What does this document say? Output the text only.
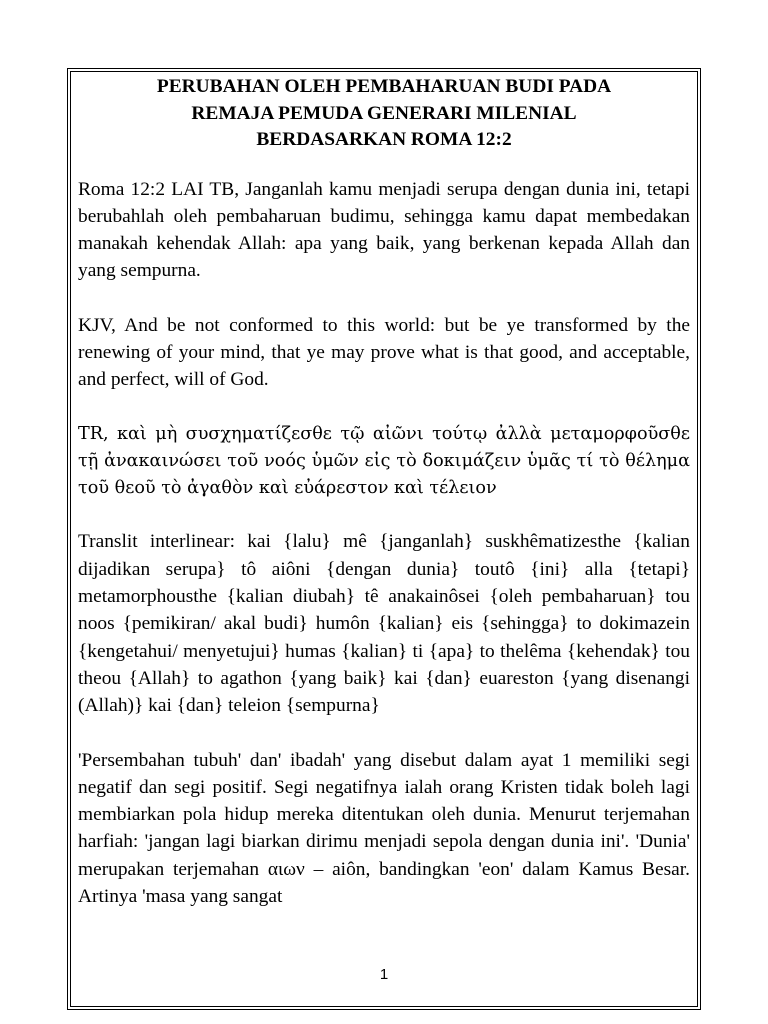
PERUBAHAN OLEH PEMBAHARUAN BUDI PADA
REMAJA PEMUDA GENERARI MILENIAL
BERDASARKAN ROMA 12:2

Roma 12:2 LAI TB, Janganlah kamu menjadi serupa dengan dunia ini, tetapi berubahlah oleh pembaharuan budimu, sehingga kamu dapat membedakan manakah kehendak Allah: apa yang baik, yang berkenan kepada Allah dan yang sempurna.

KJV, And be not conformed to this world: but be ye transformed by the renewing of your mind, that ye may prove what is that good, and acceptable, and perfect, will of God.

TR, καὶ μὴ συσχηματίζεσθε τῷ αἰῶνι τούτῳ ἀλλὰ μεταμορφοῦσθε τῇ ἀνακαινώσει τοῦ νοός ὑμῶν εἰς τὸ δοκιμάζειν ὑμᾶς τί τὸ θέλημα τοῦ θεοῦ τὸ ἀγαθὸν καὶ εὐάρεστον καὶ τέλειον

Translit interlinear: kai {lalu} mê {janganlah} suskhêmatizesthe {kalian dijadikan serupa} tô aiôni {dengan dunia} toutô {ini} alla {tetapi} metamorphousthe {kalian diubah} tê anakainôsei {oleh pembaharuan} tou noos {pemikiran/ akal budi} humôn {kalian} eis {sehingga} to dokimazein {kengetahui/ menyetujui} humas {kalian} ti {apa} to thelêma {kehendak} tou theou {Allah} to agathon {yang baik} kai {dan} euareston {yang disenangi (Allah)} kai {dan} teleion {sempurna}

'Persembahan tubuh' dan' ibadah' yang disebut dalam ayat 1 memiliki segi negatif dan segi positif. Segi negatifnya ialah orang Kristen tidak boleh lagi membiarkan pola hidup mereka ditentukan oleh dunia. Menurut terjemahan harfiah: 'jangan lagi biarkan dirimu menjadi sepola dengan dunia ini'. 'Dunia' merupakan terjemahan αιων – aiôn, bandingkan 'eon' dalam Kamus Besar. Artinya 'masa yang sangat

1
